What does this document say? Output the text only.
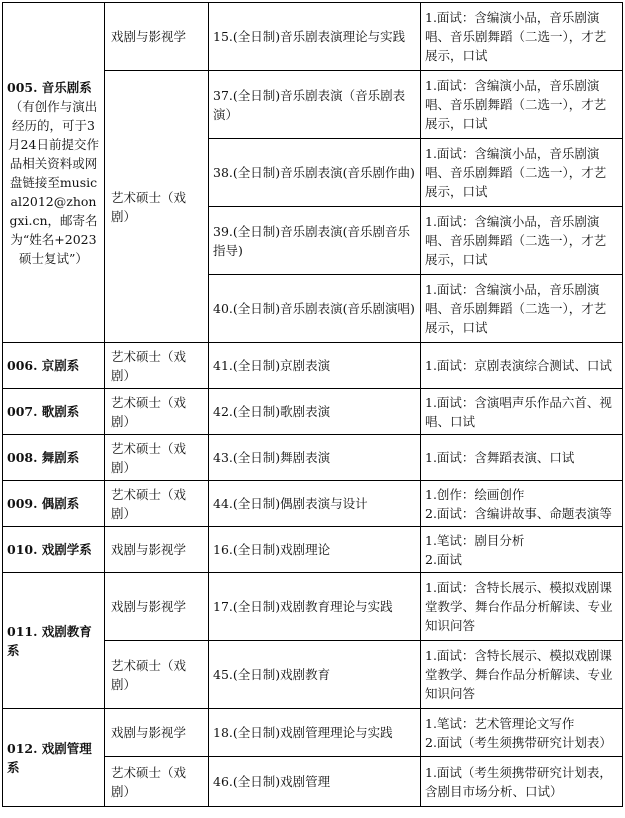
005. 音乐剧系
（有创作与演出经历的，可于3月24日前提交作品相关资料或网盘链接至musical2012@zhongxi.cn，邮寄名为“姓名+2023硕士复试”）	戏剧与影视学	15.(全日制)音乐剧表演理论与实践	1.面试：含编演小品，音乐剧演唱、音乐剧舞蹈（二选一），才艺展示，口试
	艺术硕士（戏剧）	37.(全日制)音乐剧表演（音乐剧表演）	1.面试：含编演小品，音乐剧演唱、音乐剧舞蹈（二选一），才艺展示，口试
		38.(全日制)音乐剧表演(音乐剧作曲)	1.面试：含编演小品，音乐剧演唱、音乐剧舞蹈（二选一），才艺展示，口试
		39.(全日制)音乐剧表演(音乐剧音乐指导)	1.面试：含编演小品，音乐剧演唱、音乐剧舞蹈（二选一），才艺展示，口试
		40.(全日制)音乐剧表演(音乐剧演唱)	1.面试：含编演小品，音乐剧演唱、音乐剧舞蹈（二选一），才艺展示，口试
006. 京剧系	艺术硕士（戏剧）	41.(全日制)京剧表演	1.面试：京剧表演综合测试、口试
007. 歌剧系	艺术硕士（戏剧）	42.(全日制)歌剧表演	1.面试：含演唱声乐作品六首、视唱、口试
008. 舞剧系	艺术硕士（戏剧）	43.(全日制)舞剧表演	1.面试：含舞蹈表演、口试
009. 偶剧系	艺术硕士（戏剧）	44.(全日制)偶剧表演与设计	1.创作：绘画创作
2.面试：含编讲故事、命题表演等

010. 戏剧学系	戏剧与影视学	16.(全日制)戏剧理论	1.笔试：剧目分析
2.面试

011. 戏剧教育系	戏剧与影视学	17.(全日制)戏剧教育理论与实践	1.面试：含特长展示、模拟戏剧课堂教学、舞台作品分析解读、专业知识问答
	艺术硕士（戏剧）	45.(全日制)戏剧教育	1.面试：含特长展示、模拟戏剧课堂教学、舞台作品分析解读、专业知识问答
012. 戏剧管理系	戏剧与影视学	18.(全日制)戏剧管理理论与实践	1.笔试：艺术管理论文写作
2.面试（考生须携带研究计划表）

	艺术硕士（戏剧）	46.(全日制)戏剧管理	1.面试（考生须携带研究计划表，含剧目市场分析、口试）
